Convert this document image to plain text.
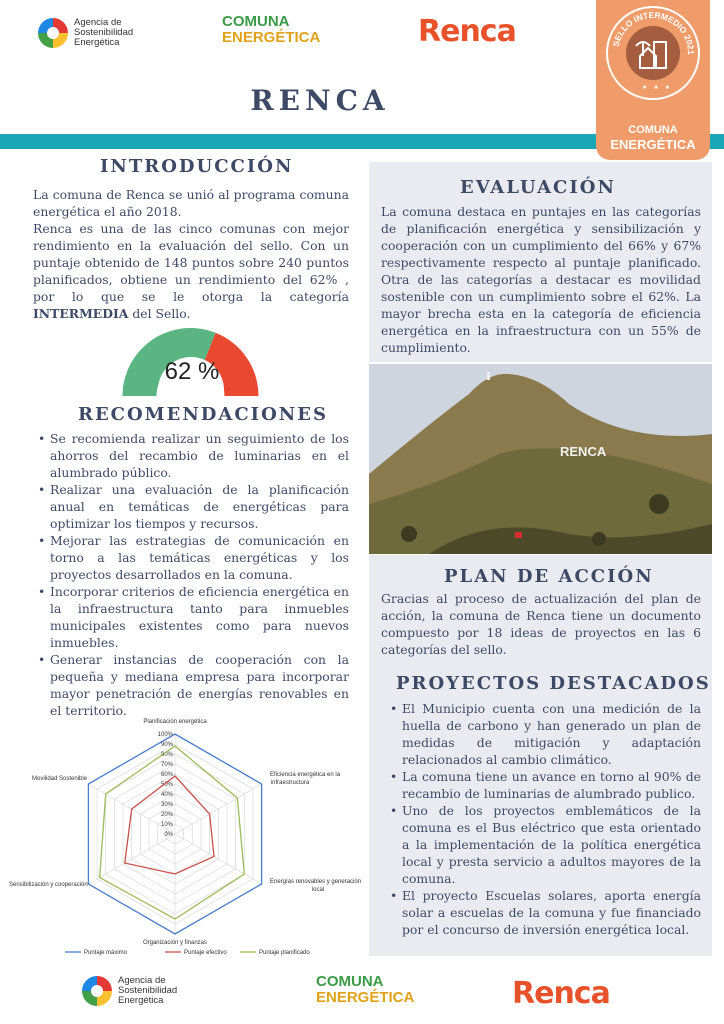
Agencia de
Sostenibilidad
Energética
COMUNA
ENERGÉTICA	Renca
RENCA
SELLO INTERMEDIO 2021
★★★
COMUNA
ENERGÉTICA
INTRODUCCIÓN
La comuna de Renca se unió al programa comuna energética el año 2018.
Renca es una de las cinco comunas con mejor rendimiento en la evaluación del sello. Con un puntaje obtenido de 148 puntos sobre 240 puntos planificados, obtiene un rendimiento del 62% , por lo que se le otorga la categoría INTERMEDIA del Sello.
62 %
RECOMENDACIONES
• Se recomienda realizar un seguimiento de los ahorros del recambio de luminarias en el alumbrado público.
• Realizar una evaluación de la planificación anual en temáticas de energéticas para optimizar los tiempos y recursos.
• Mejorar las estrategias de comunicación en torno a las temáticas energéticas y los proyectos desarrollados en la comuna.
• Incorporar criterios de eficiencia energética en la infraestructura tanto para inmuebles municipales existentes como para nuevos inmuebles.
• Generar instancias de cooperación con la pequeña y mediana empresa para incorporar mayor penetración de energías renovables en el territorio.
0%
10%
20%
30%
40%
50%
60%
70%
80%
90%
100%
Planificación energética
Eficiencia energética en la
infraestructura
Energías renovables y generación
local
Organización y finanzas
Sensibilización y cooperación
Movilidad Sostenible
Puntaje máximo	Puntaje efectivo	Puntaje planificado
EVALUACIÓN
La comuna destaca en puntajes en las categorías de planificación energética y sensibilización y cooperación con un cumplimiento del 66% y 67% respectivamente respecto al puntaje planificado. Otra de las categorías a destacar es movilidad sostenible con un cumplimiento sobre el 62%. La mayor brecha esta en la categoría de eficiencia energética en la infraestructura con un 55% de cumplimiento.
RENCA
PLAN DE ACCIÓN
Gracias al proceso de actualización del plan de acción, la comuna de Renca tiene un documento compuesto por 18 ideas de proyectos en las 6 categorías del sello.
PROYECTOS DESTACADOS
• El Municipio cuenta con una medición de la huella de carbono y han generado un plan de medidas de mitigación y adaptación relacionados al cambio climático.
• La comuna tiene un avance en torno al 90% de recambio de luminarias de alumbrado publico.
• Uno de los proyectos emblemáticos de la comuna es el Bus eléctrico que esta orientado a la implementación de la política energética local y presta servicio a adultos mayores de la comuna.
• El proyecto Escuelas solares, aporta energía solar a escuelas de la comuna y fue financiado por el concurso de inversión energética local.
Agencia de
Sostenibilidad
Energética
COMUNA
ENERGÉTICA	Renca
